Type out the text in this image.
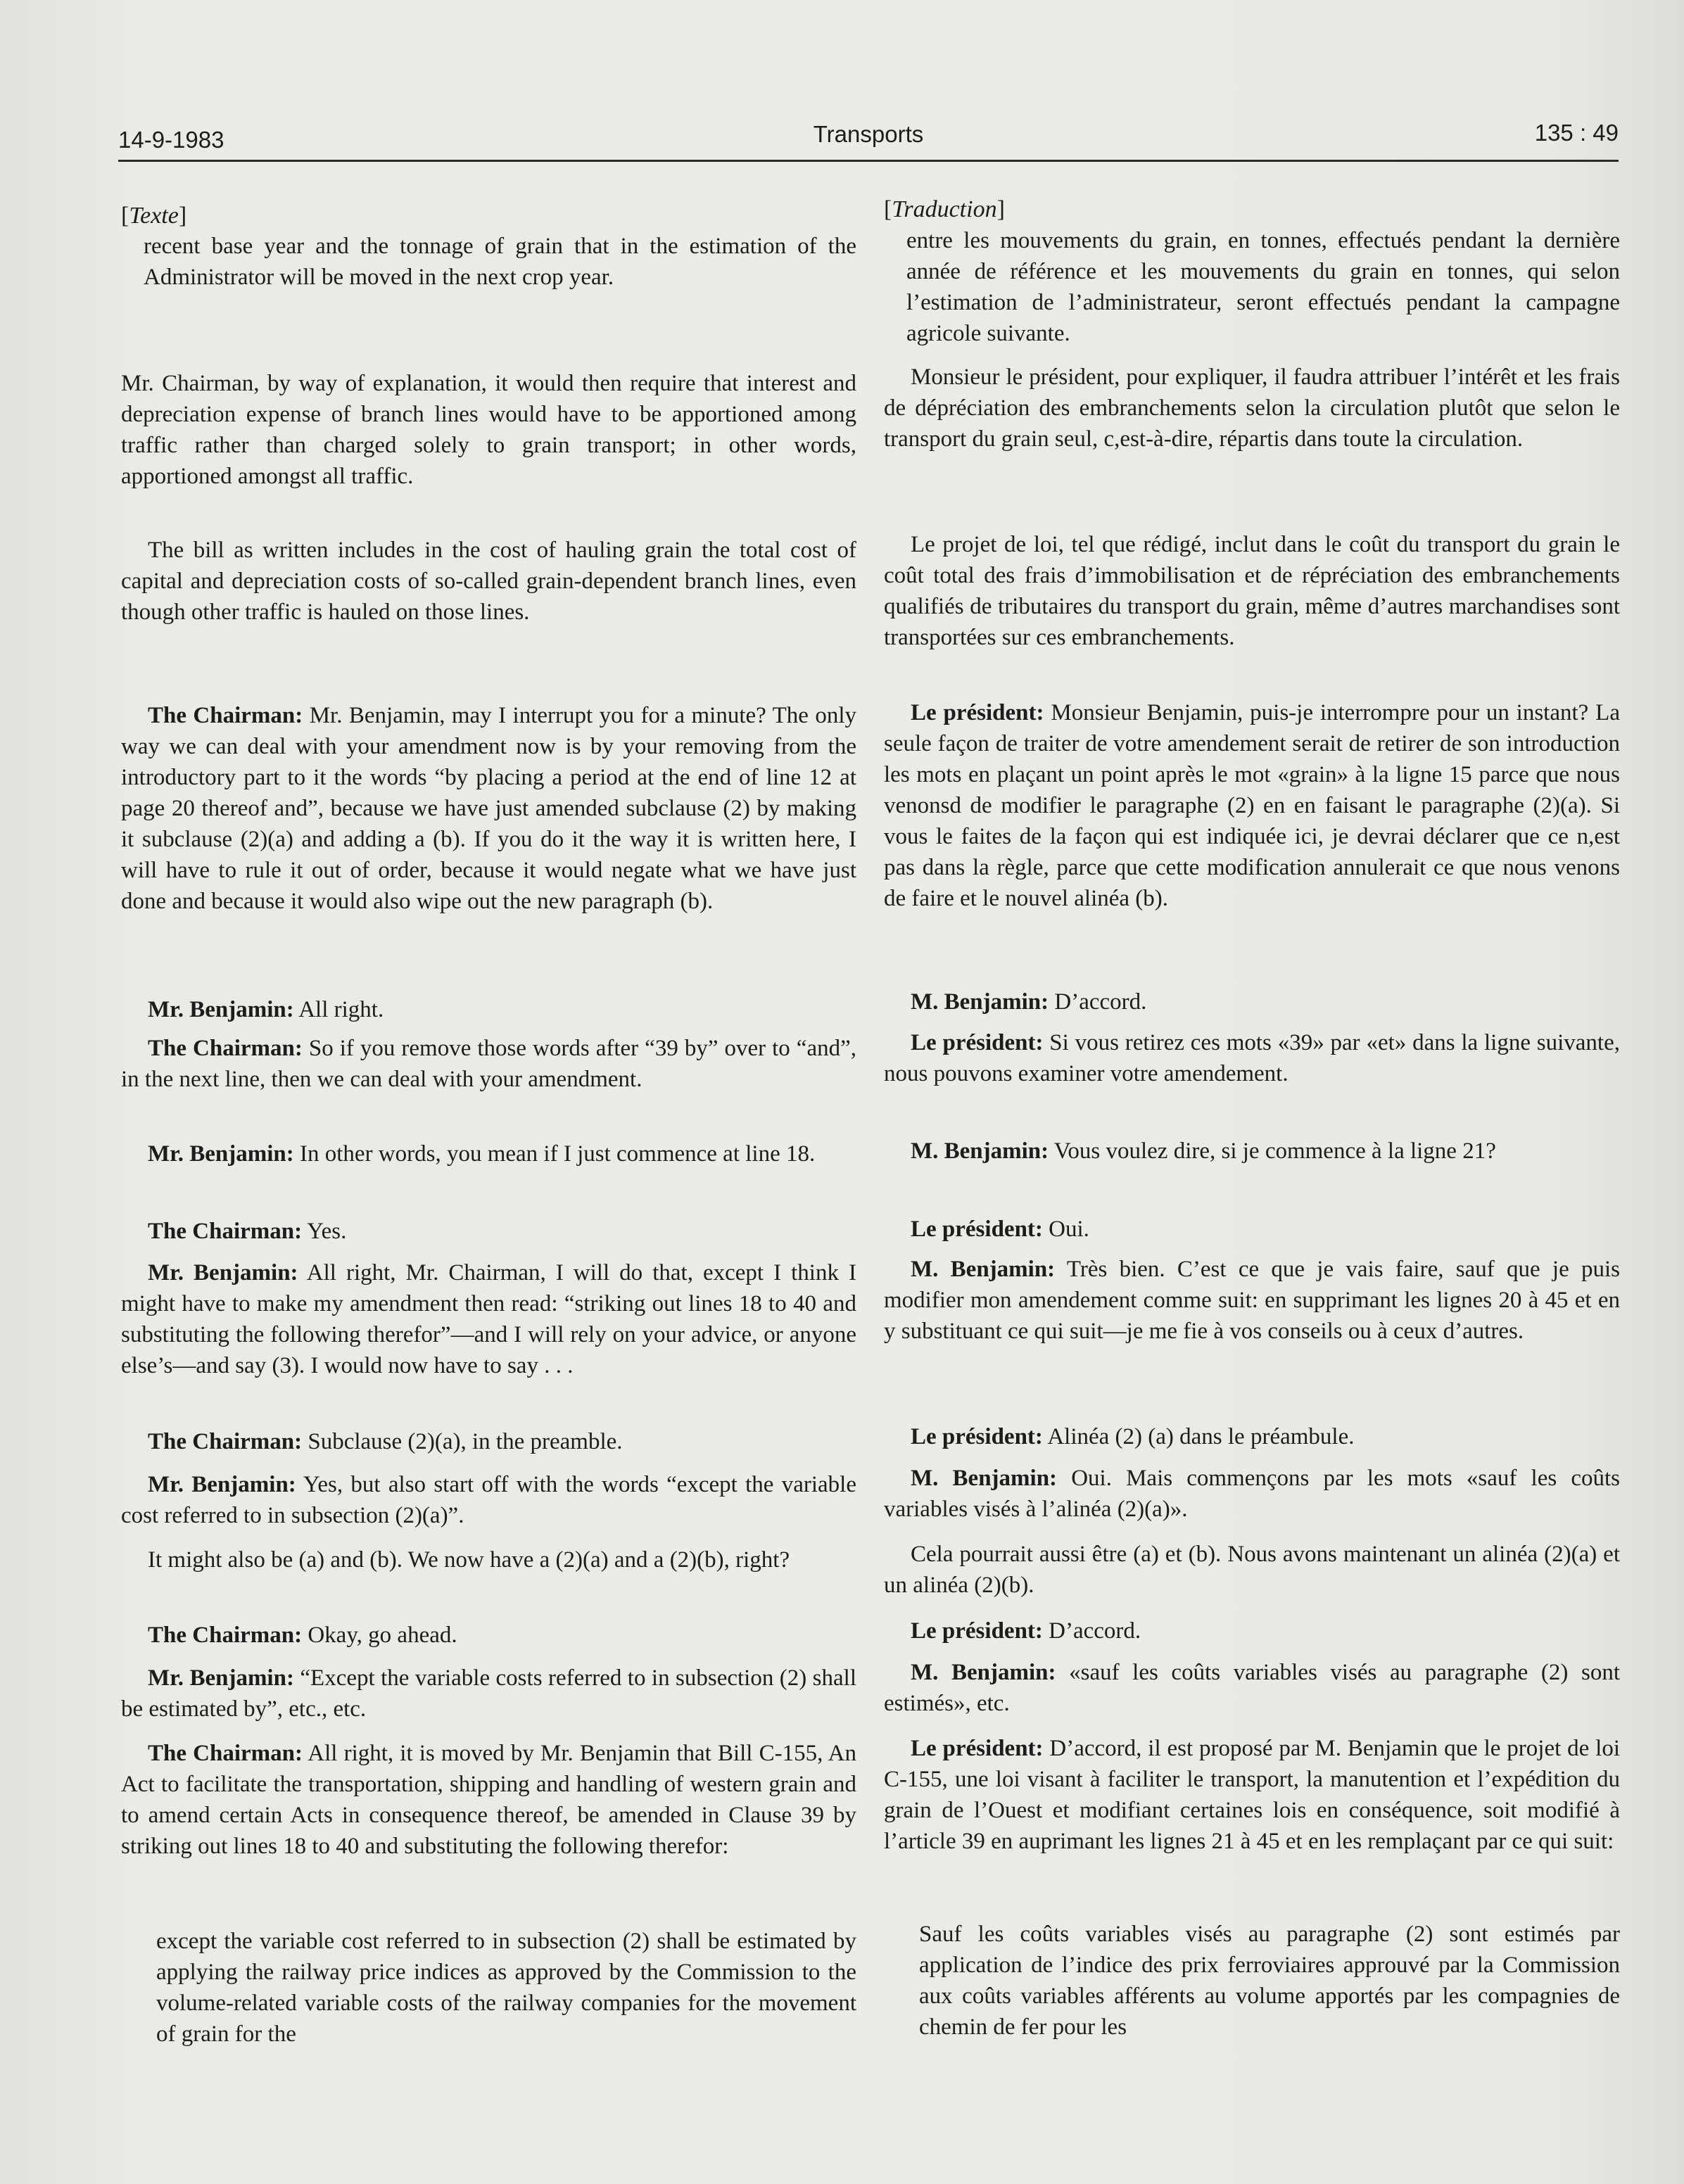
14-9-1983	Transports	135 : 49

[Texte]

recent base year and the tonnage of grain that in the estimation of the Administrator will be moved in the next crop year.

Mr. Chairman, by way of explanation, it would then require that interest and depreciation expense of branch lines would have to be apportioned among traffic rather than charged solely to grain transport; in other words, apportioned amongst all traffic.

The bill as written includes in the cost of hauling grain the total cost of capital and depreciation costs of so-called grain-dependent branch lines, even though other traffic is hauled on those lines.

The Chairman: Mr. Benjamin, may I interrupt you for a minute? The only way we can deal with your amendment now is by your removing from the introductory part to it the words “by placing a period at the end of line 12 at page 20 thereof and”, because we have just amended subclause (2) by making it subclause (2)(a) and adding a (b). If you do it the way it is written here, I will have to rule it out of order, because it would negate what we have just done and because it would also wipe out the new paragraph (b).

Mr. Benjamin: All right.

The Chairman: So if you remove those words after “39 by” over to “and”, in the next line, then we can deal with your amendment.

Mr. Benjamin: In other words, you mean if I just commence at line 18.

The Chairman: Yes.

Mr. Benjamin: All right, Mr. Chairman, I will do that, except I think I might have to make my amendment then read: “striking out lines 18 to 40 and substituting the following therefor”—and I will rely on your advice, or anyone else’s—and say (3). I would now have to say . . .

The Chairman: Subclause (2)(a), in the preamble.

Mr. Benjamin: Yes, but also start off with the words “except the variable cost referred to in subsection (2)(a)”.

It might also be (a) and (b). We now have a (2)(a) and a (2)(b), right?

The Chairman: Okay, go ahead.

Mr. Benjamin: “Except the variable costs referred to in subsection (2) shall be estimated by”, etc., etc.

The Chairman: All right, it is moved by Mr. Benjamin that Bill C-155, An Act to facilitate the transportation, shipping and handling of western grain and to amend certain Acts in consequence thereof, be amended in Clause 39 by striking out lines 18 to 40 and substituting the following therefor:

except the variable cost referred to in subsection (2) shall be estimated by applying the railway price indices as approved by the Commission to the volume-related variable costs of the railway companies for the movement of grain for the

[Traduction]

entre les mouvements du grain, en tonnes, effectués pendant la dernière année de référence et les mouvements du grain en tonnes, qui selon l’estimation de l’administrateur, seront effectués pendant la campagne agricole suivante.

Monsieur le président, pour expliquer, il faudra attribuer l’intérêt et les frais de dépréciation des embranchements selon la circulation plutôt que selon le transport du grain seul, c,est-à-dire, répartis dans toute la circulation.

Le projet de loi, tel que rédigé, inclut dans le coût du transport du grain le coût total des frais d’immobilisation et de répréciation des embranchements qualifiés de tributaires du transport du grain, même d’autres marchandises sont transportées sur ces embranchements.

Le président: Monsieur Benjamin, puis-je interrompre pour un instant? La seule façon de traiter de votre amendement serait de retirer de son introduction les mots en plaçant un point après le mot «grain» à la ligne 15 parce que nous venonsd de modifier le paragraphe (2) en en faisant le paragraphe (2)(a). Si vous le faites de la façon qui est indiquée ici, je devrai déclarer que ce n,est pas dans la règle, parce que cette modification annulerait ce que nous venons de faire et le nouvel alinéa (b).

M. Benjamin: D’accord.

Le président: Si vous retirez ces mots «39» par «et» dans la ligne suivante, nous pouvons examiner votre amendement.

M. Benjamin: Vous voulez dire, si je commence à la ligne 21?

Le président: Oui.

M. Benjamin: Très bien. C’est ce que je vais faire, sauf que je puis modifier mon amendement comme suit: en supprimant les lignes 20 à 45 et en y substituant ce qui suit—je me fie à vos conseils ou à ceux d’autres.

Le président: Alinéa (2) (a) dans le préambule.

M. Benjamin: Oui. Mais commençons par les mots «sauf les coûts variables visés à l’alinéa (2)(a)».

Cela pourrait aussi être (a) et (b). Nous avons maintenant un alinéa (2)(a) et un alinéa (2)(b).

Le président: D’accord.

M. Benjamin: «sauf les coûts variables visés au paragraphe (2) sont estimés», etc.

Le président: D’accord, il est proposé par M. Benjamin que le projet de loi C-155, une loi visant à faciliter le transport, la manutention et l’expédition du grain de l’Ouest et modifiant certaines lois en conséquence, soit modifié à l’article 39 en auprimant les lignes 21 à 45 et en les remplaçant par ce qui suit:

Sauf les coûts variables visés au paragraphe (2) sont estimés par application de l’indice des prix ferroviaires approuvé par la Commission aux coûts variables afférents au volume apportés par les compagnies de chemin de fer pour les
